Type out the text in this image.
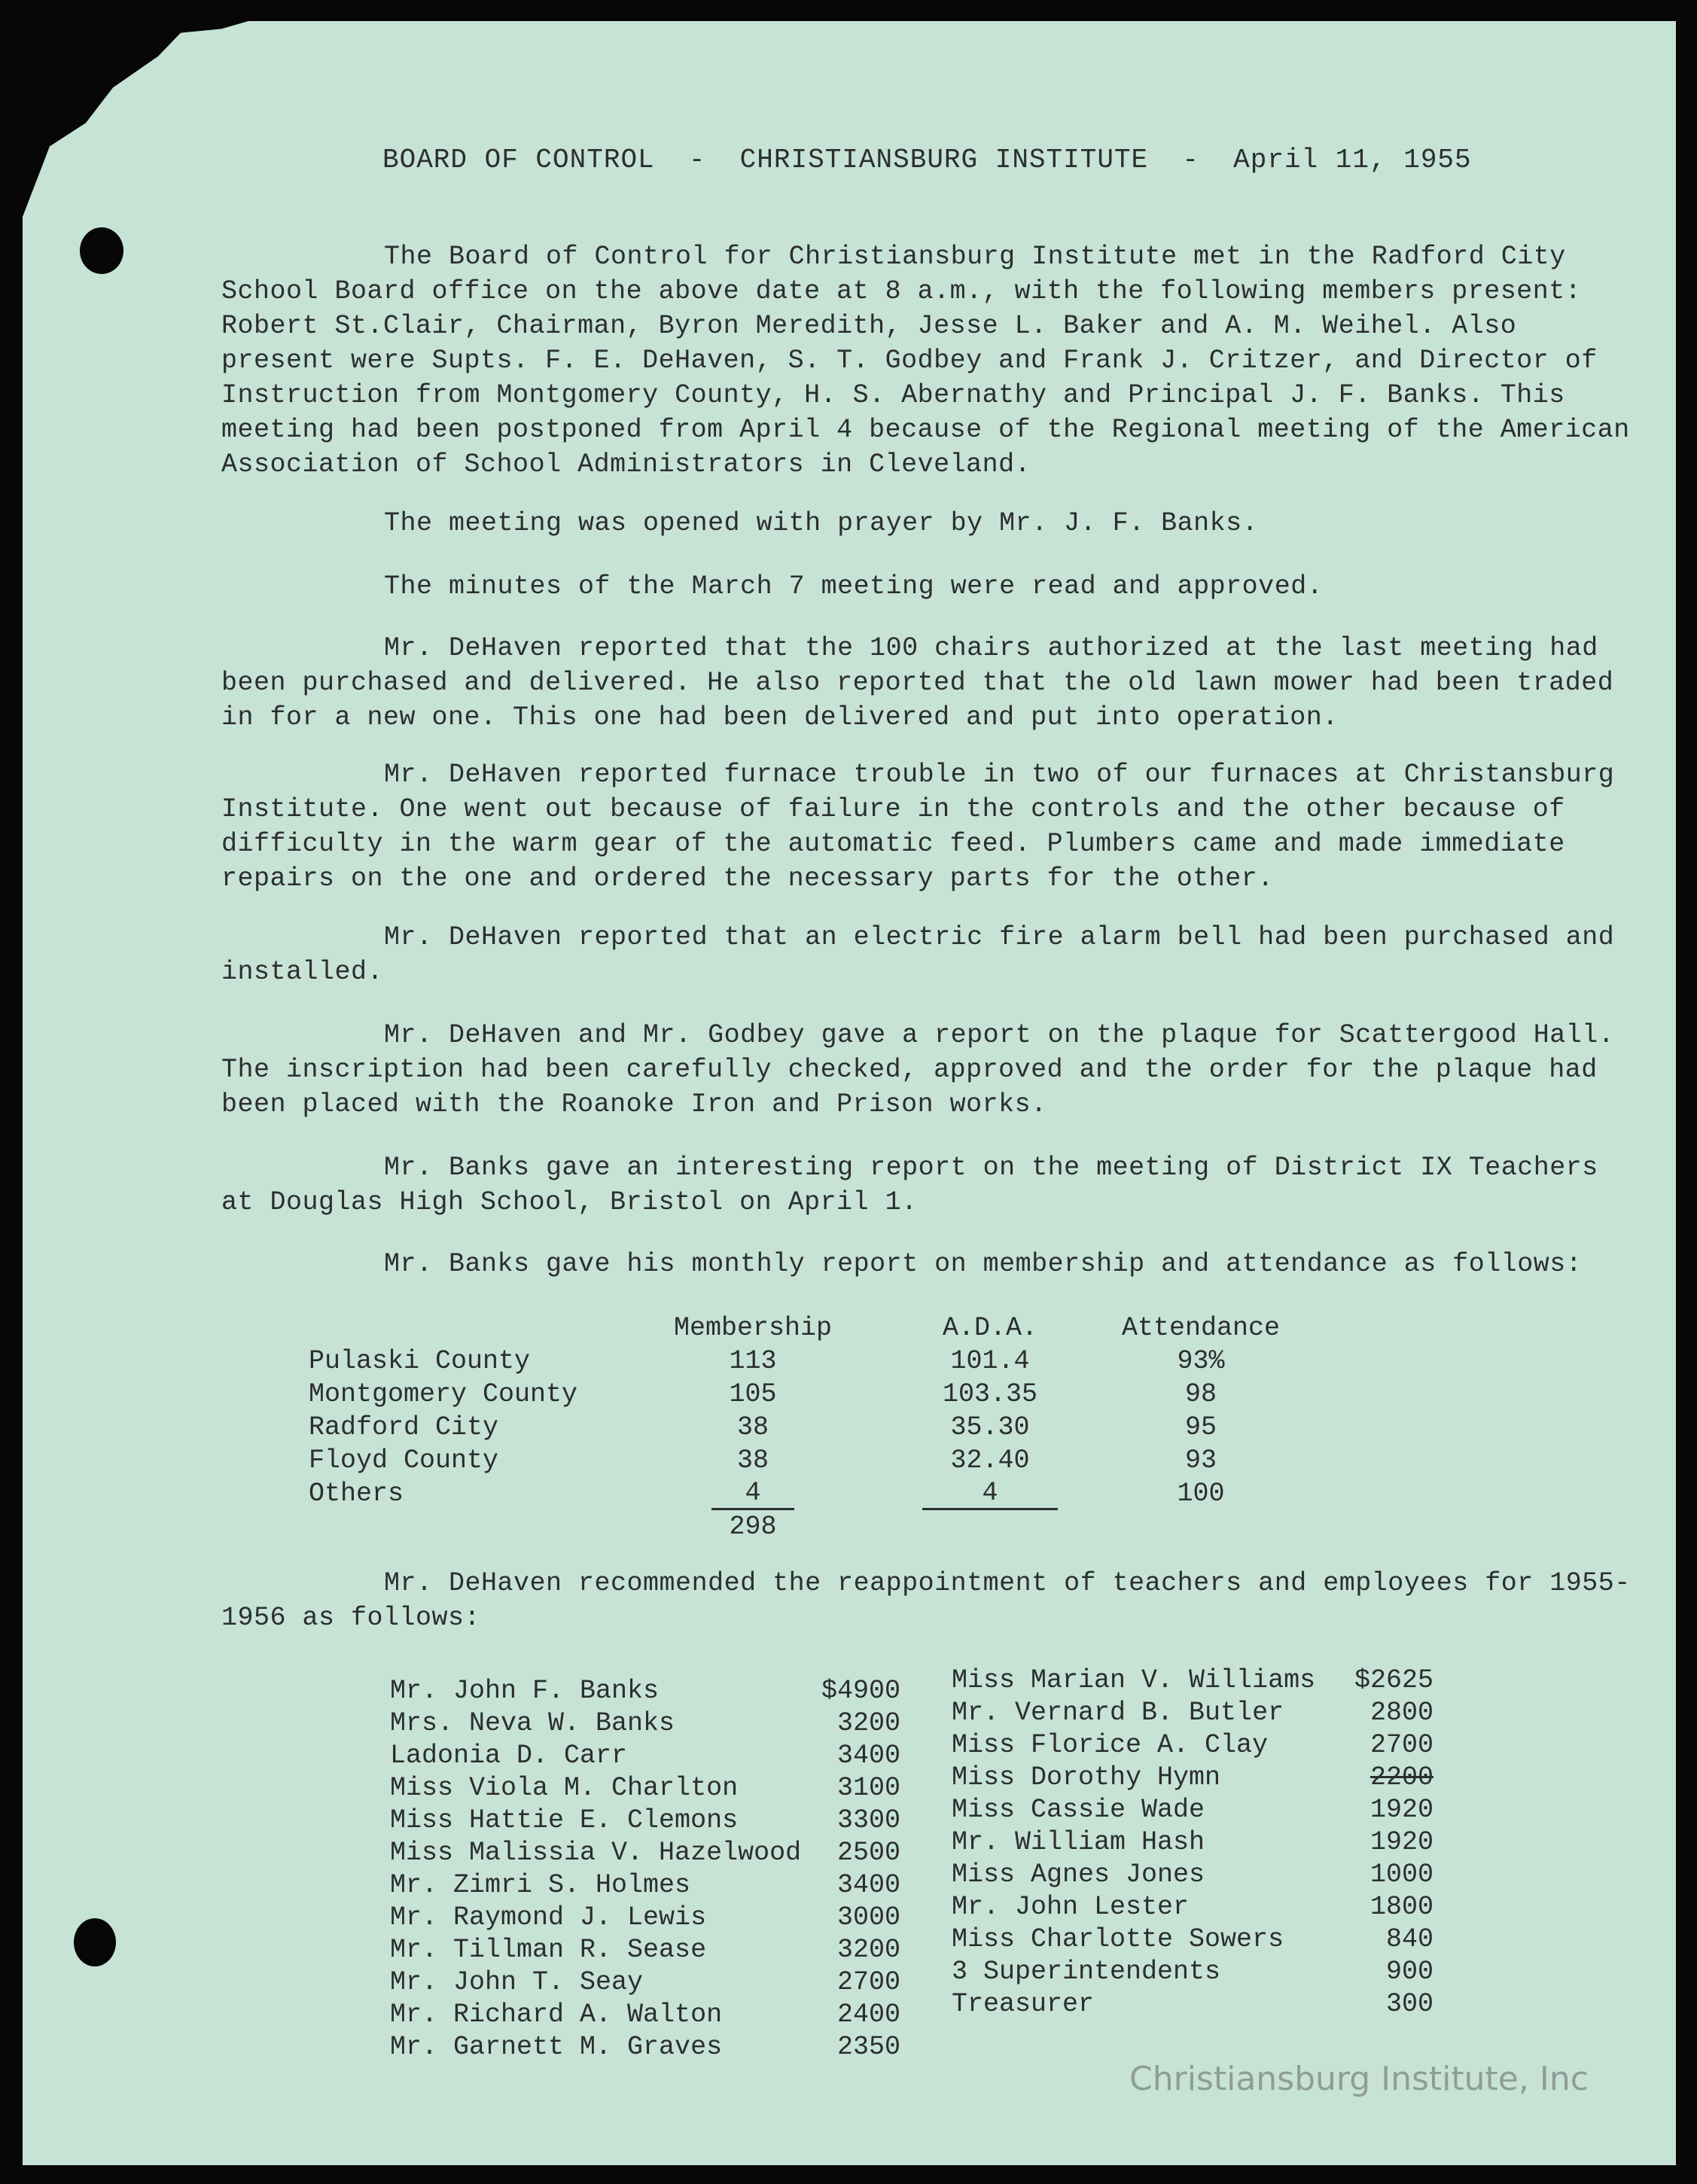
BOARD OF CONTROL  -  CHRISTIANSBURG INSTITUTE  -  April 11, 1955
The Board of Control for Christiansburg Institute met in the Radford City School Board office on the above date at 8 a.m., with the following members present: Robert St.Clair, Chairman, Byron Meredith, Jesse L. Baker and A. M. Weihel. Also present were Supts. F. E. DeHaven, S. T. Godbey and Frank J. Critzer, and Director of Instruction from Montgomery County, H. S. Abernathy and Principal J. F. Banks. This meeting had been postponed from April 4 because of the Regional meeting of the American Association of School Administrators in Cleveland.
The meeting was opened with prayer by Mr. J. F. Banks.
The minutes of the March 7 meeting were read and approved.
Mr. DeHaven reported that the 100 chairs authorized at the last meeting had been purchased and delivered. He also reported that the old lawn mower had been traded in for a new one. This one had been delivered and put into operation.
Mr. DeHaven reported furnace trouble in two of our furnaces at Christansburg Institute. One went out because of failure in the controls and the other because of difficulty in the warm gear of the automatic feed. Plumbers came and made immediate repairs on the one and ordered the necessary parts for the other.
Mr. DeHaven reported that an electric fire alarm bell had been purchased and installed.
Mr. DeHaven and Mr. Godbey gave a report on the plaque for Scattergood Hall. The inscription had been carefully checked, approved and the order for the plaque had been placed with the Roanoke Iron and Prison works.
Mr. Banks gave an interesting report on the meeting of District IX Teachers at Douglas High School, Bristol on April 1.
Mr. Banks gave his monthly report on membership and attendance as follows:
	Membership	A.D.A.	Attendance
Pulaski County	113	101.4	93%
Montgomery County	105	103.35	98
Radford City	38	35.30	95
Floyd County	38	32.40	93
Others	4	4	100
	298		
Mr. DeHaven recommended the reappointment of teachers and employees for 1955-1956 as follows:
Mr. John F. Banks	$4900
Mrs. Neva W. Banks	3200
Ladonia D. Carr	3400
Miss Viola M. Charlton	3100
Miss Hattie E. Clemons	3300
Miss Malissia V. Hazelwood	2500
Mr. Zimri S. Holmes	3400
Mr. Raymond J. Lewis	3000
Mr. Tillman R. Sease	3200
Mr. John T. Seay	2700
Mr. Richard A. Walton	2400
Mr. Garnett M. Graves	2350
Miss Marian V. Williams	$2625
Mr. Vernard B. Butler	2800
Miss Florice A. Clay	2700
Miss Dorothy Hymn	2200
Miss Cassie Wade	1920
Mr. William Hash	1920
Miss Agnes Jones	1000
Mr. John Lester	1800
Miss Charlotte Sowers	840
3 Superintendents	900
Treasurer	300
Christiansburg Institute, Inc
